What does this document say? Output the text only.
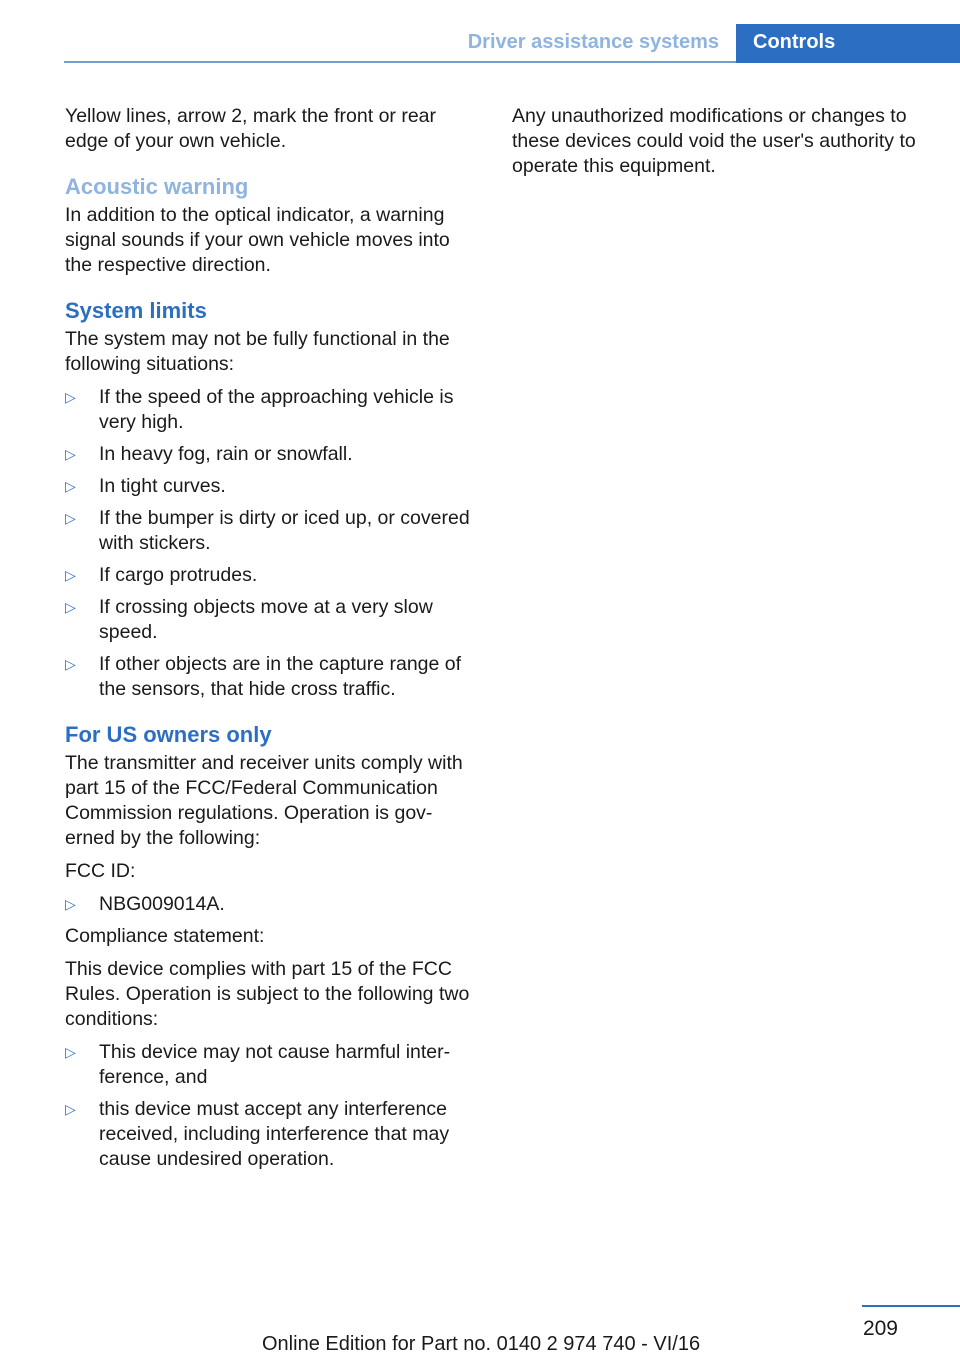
Driver assistance systems	Controls

Yellow lines, arrow 2, mark the front or rear edge of your own vehicle.

Acoustic warning

In addition to the optical indicator, a warning signal sounds if your own vehicle moves into the respective direction.

System limits

The system may not be fully functional in the following situations:

▷ If the speed of the approaching vehicle is very high.
▷ In heavy fog, rain or snowfall.
▷ In tight curves.
▷ If the bumper is dirty or iced up, or covered with stickers.
▷ If cargo protrudes.
▷ If crossing objects move at a very slow speed.
▷ If other objects are in the capture range of the sensors, that hide cross traffic.
For US owners only

The transmitter and receiver units comply with part 15 of the FCC/Federal Communication Commission regulations. Operation is gov‐erned by the following:

FCC ID:

▷ NBG009014A.

Compliance statement:

This device complies with part 15 of the FCC Rules. Operation is subject to the following two conditions:

▷ This device may not cause harmful inter‐ference, and
▷ this device must accept any interference received, including interference that may cause undesired operation.

Any unauthorized modifications or changes to these devices could void the user's authority to operate this equipment.

209
Online Edition for Part no. 0140 2 974 740 - VI/16
